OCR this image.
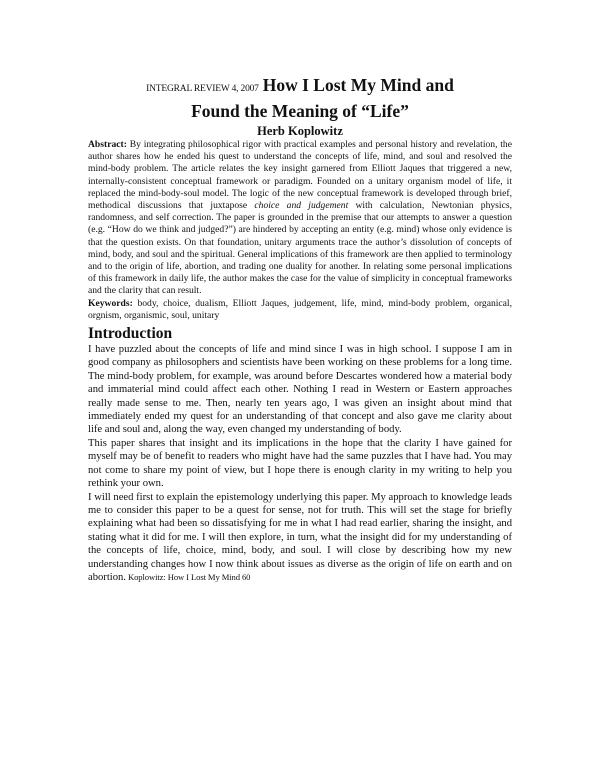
INTEGRAL REVIEW 4, 2007 How I Lost My Mind and
Found the Meaning of “Life”
Herb Koplowitz
Abstract: By integrating philosophical rigor with practical examples and personal history and revelation, the author shares how he ended his quest to understand the concepts of life, mind, and soul and resolved the mind-body problem. The article relates the key insight garnered from Elliott Jaques that triggered a new, internally-consistent conceptual framework or paradigm. Founded on a unitary organism model of life, it replaced the mind-body-soul model. The logic of the new conceptual framework is developed through brief, methodical discussions that juxtapose choice and judgement with calculation, Newtonian physics, randomness, and self correction. The paper is grounded in the premise that our attempts to answer a question (e.g. “How do we think and judged?”) are hindered by accepting an entity (e.g. mind) whose only evidence is that the question exists. On that foundation, unitary arguments trace the author’s dissolution of concepts of mind, body, and soul and the spiritual. General implications of this framework are then applied to terminology and to the origin of life, abortion, and trading one duality for another. In relating some personal implications of this framework in daily life, the author makes the case for the value of simplicity in conceptual frameworks and the clarity that can result.
Keywords: body, choice, dualism, Elliott Jaques, judgement, life, mind, mind-body problem, organical, orgnism, organismic, soul, unitary
Introduction

I have puzzled about the concepts of life and mind since I was in high school. I suppose I am in good company as philosophers and scientists have been working on these problems for a long time. The mind-body problem, for example, was around before Descartes wondered how a material body and immaterial mind could affect each other. Nothing I read in Western or Eastern approaches really made sense to me. Then, nearly ten years ago, I was given an insight about mind that immediately ended my quest for an understanding of that concept and also gave me clarity about life and soul and, along the way, even changed my understanding of body.

This paper shares that insight and its implications in the hope that the clarity I have gained for myself may be of benefit to readers who might have had the same puzzles that I have had. You may not come to share my point of view, but I hope there is enough clarity in my writing to help you rethink your own.

I will need first to explain the epistemology underlying this paper. My approach to knowledge leads me to consider this paper to be a quest for sense, not for truth. This will set the stage for briefly explaining what had been so dissatisfying for me in what I had read earlier, sharing the insight, and stating what it did for me. I will then explore, in turn, what the insight did for my understanding of the concepts of life, choice, mind, body, and soul. I will close by describing how my new understanding changes how I now think about issues as diverse as the origin of life on earth and on abortion. Koplowitz: How I Lost My Mind 60
